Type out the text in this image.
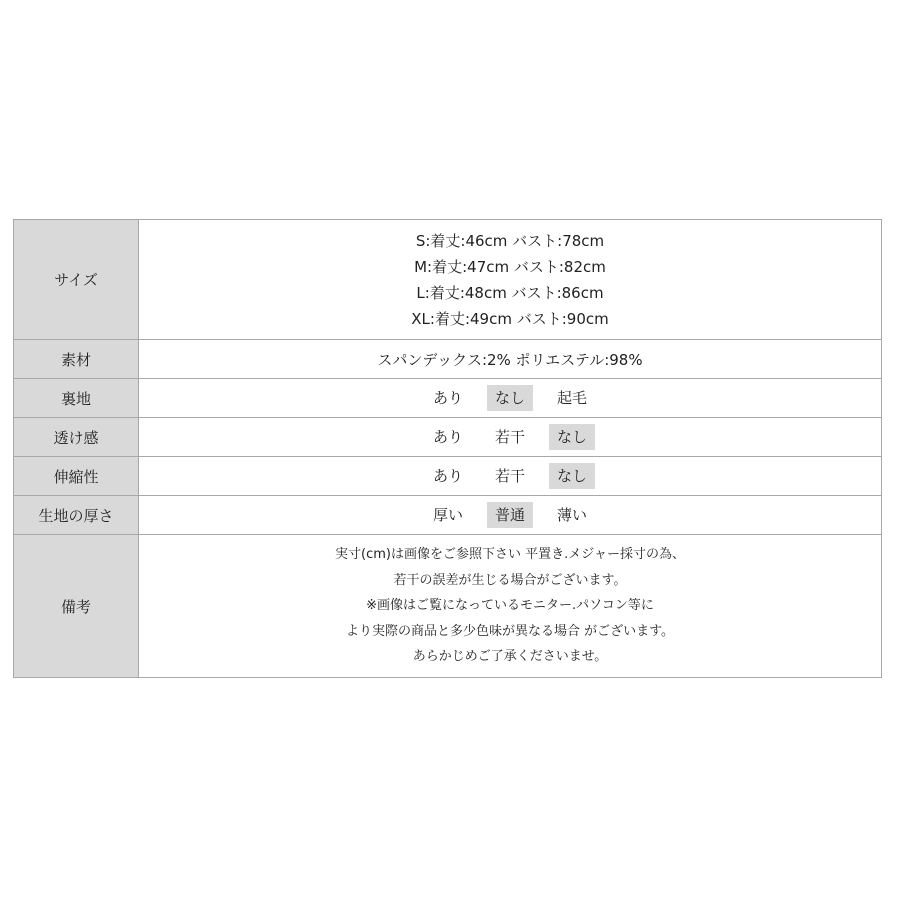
サイズ	S:着丈:46cm バスト:78cm
M:着丈:47cm バスト:82cm
L:着丈:48cm バスト:86cm
XL:着丈:49cm バスト:90cm

素材	スパンデックス:2% ポリエステル:98%
裏地	あり なし 起毛

透け感	あり 若干 なし

伸縮性	あり 若干 なし

生地の厚さ	厚い 普通 薄い

備考	実寸(cm)は画像をご参照下さい 平置き.メジャー採寸の為、
若干の誤差が生じる場合がございます。
※画像はご覧になっているモニター.パソコン等に
より実際の商品と多少色味が異なる場合 がございます。
あらかじめご了承くださいませ。
